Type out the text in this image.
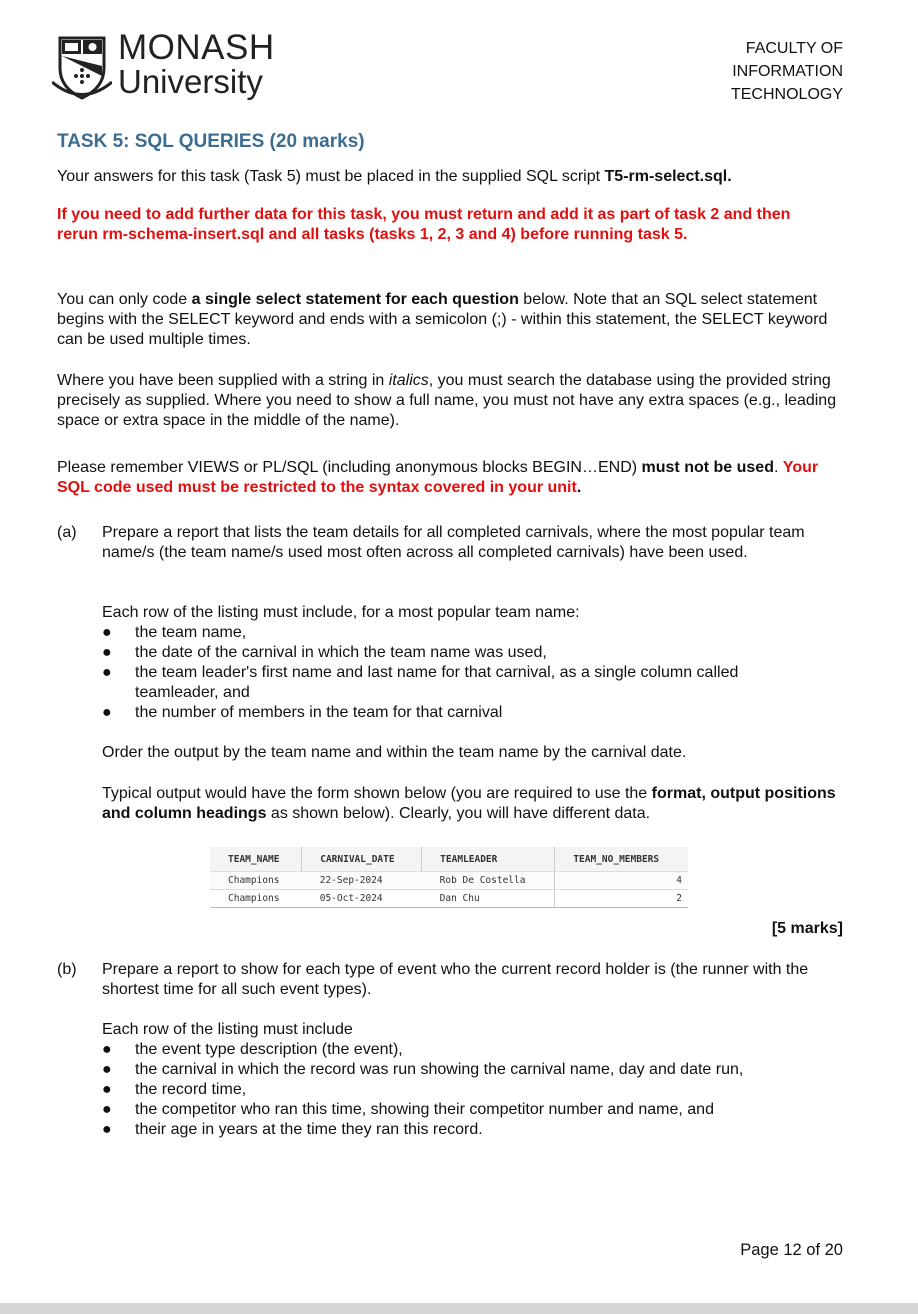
MONASH
University
FACULTY OF
INFORMATION
TECHNOLOGY
TASK 5: SQL QUERIES (20 marks)
Your answers for this task (Task 5) must be placed in the supplied SQL script T5-rm-select.sql.
If you need to add further data for this task, you must return and add it as part of task 2 and then rerun rm-schema-insert.sql and all tasks (tasks 1, 2, 3 and 4) before running task 5.
You can only code a single select statement for each question below. Note that an SQL select statement begins with the SELECT keyword and ends with a semicolon (;) - within this statement, the SELECT keyword can be used multiple times.
Where you have been supplied with a string in italics, you must search the database using the provided string precisely as supplied. Where you need to show a full name, you must not have any extra spaces (e.g., leading space or extra space in the middle of the name).
Please remember VIEWS or PL/SQL (including anonymous blocks BEGIN…END) must not be used. Your SQL code used must be restricted to the syntax covered in your unit.
(a) Prepare a report that lists the team details for all completed carnivals, where the most popular team name/s (the team name/s used most often across all completed carnivals) have been used.
Each row of the listing must include, for a most popular team name:
● the team name,
● the date of the carnival in which the team name was used,
● the team leader's first name and last name for that carnival, as a single column called teamleader, and
● the number of members in the team for that carnival
Order the output by the team name and within the team name by the carnival date.
Typical output would have the form shown below (you are required to use the format, output positions and column headings as shown below). Clearly, you will have different data.
TEAM_NAME	CARNIVAL_DATE	TEAMLEADER	TEAM_NO_MEMBERS
Champions	22-Sep-2024	Rob De Costella	4
Champions	05-Oct-2024	Dan Chu	2
[5 marks]
(b) Prepare a report to show for each type of event who the current record holder is (the runner with the shortest time for all such event types).
Each row of the listing must include
● the event type description (the event),
● the carnival in which the record was run showing the carnival name, day and date run,
● the record time,
● the competitor who ran this time, showing their competitor number and name, and
● their age in years at the time they ran this record.
Page 12 of 20
